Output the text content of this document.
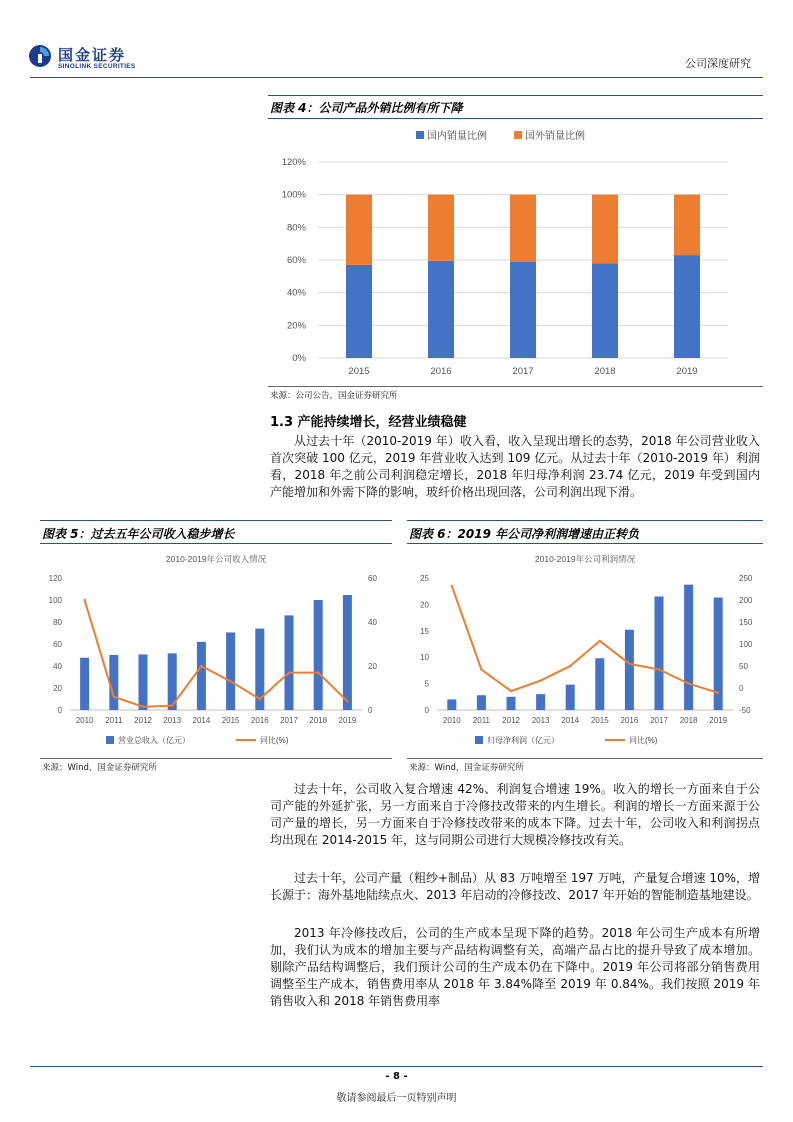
国金证券
SINOLINK SECURITIES	公司深度研究
图表 4：公司产品外销比例有所下降
国内销量比例	国外销量比例
0%
20%
40%
60%
80%
100%
120%
2015	2016	2017	2018	2019
来源：公司公告，国金证券研究所
1.3 产能持续增长，经营业绩稳健
从过去十年（2010-2019 年）收入看，收入呈现出增长的态势，2018 年公司营业收入首次突破 100 亿元，2019 年营业收入达到 109 亿元。从过去十年（2010-2019 年）利润看，2018 年之前公司利润稳定增长，2018 年归母净利润 23.74 亿元，2019 年受到国内产能增加和外需下降的影响，玻纤价格出现回落，公司利润出现下滑。
图表 5：过去五年公司收入稳步增长
2010-2019年公司收入情况
0
20
40
60
80
100
120
0
20
40
60
2010 2011 2012 2013 2014 2015 2016 2017 2018 2019
营业总收入（亿元）	同比(%)
来源：Wind，国金证券研究所
图表 6：2019 年公司净利润增速由正转负
2010-2019年公司利润情况
0
5
10
15
20
25
-50
0
50
100
150
200
250
2010 2011 2012 2013 2014 2015 2016 2017 2018 2019
归母净利润（亿元）	同比(%)
来源：Wind，国金证券研究所
过去十年，公司收入复合增速 42%、利润复合增速 19%。收入的增长一方面来自于公司产能的外延扩张，另一方面来自于冷修技改带来的内生增长。利润的增长一方面来源于公司产量的增长，另一方面来自于冷修技改带来的成本下降。过去十年，公司收入和利润拐点均出现在 2014-2015 年，这与同期公司进行大规模冷修技改有关。
过去十年，公司产量（粗纱+制品）从 83 万吨增至 197 万吨，产量复合增速 10%，增长源于：海外基地陆续点火、2013 年启动的冷修技改、2017 年开始的智能制造基地建设。
2013 年冷修技改后，公司的生产成本呈现下降的趋势。2018 年公司生产成本有所增加，我们认为成本的增加主要与产品结构调整有关，高端产品占比的提升导致了成本增加。剔除产品结构调整后，我们预计公司的生产成本仍在下降中。2019 年公司将部分销售费用调整至生产成本，销售费用率从 2018 年 3.84%降至 2019 年 0.84%。我们按照 2019 年销售收入和 2018 年销售费用率
- 8 -
敬请参阅最后一页特别声明
